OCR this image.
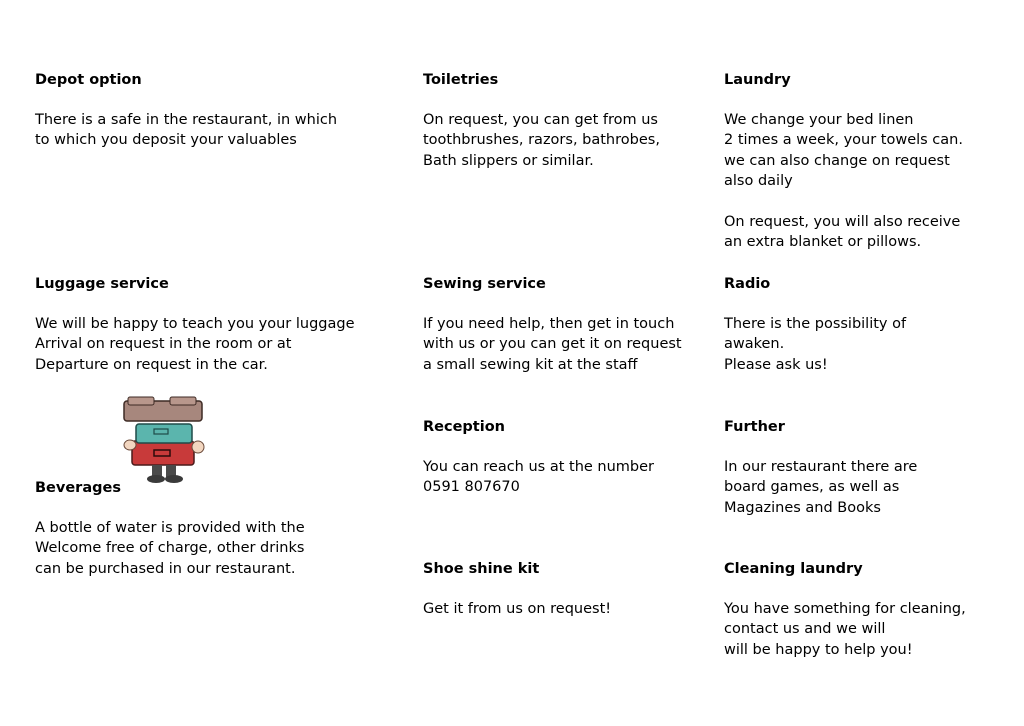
Depot option
There is a safe in the restaurant, in which
to which you deposit your valuables
Luggage service
We will be happy to teach you your luggage
Arrival on request in the room or at
Departure on request in the car.
Beverages
A bottle of water is provided with the
Welcome free of charge, other drinks
can be purchased in our restaurant.
Toiletries
On request, you can get from us
toothbrushes, razors, bathrobes,
Bath slippers or similar.
Sewing service
If you need help, then get in touch
with us or you can get it on request
a small sewing kit at the staff
Reception
You can reach us at the number
0591 807670
Shoe shine kit
Get it from us on request!
Laundry
We change your bed linen
2 times a week, your towels can.
we can also change on request
also daily
On request, you will also receive
an extra blanket or pillows.
Radio
There is the possibility of
awaken.
Please ask us!
Further
In our restaurant there are
board games, as well as
Magazines and Books
Cleaning laundry
You have something for cleaning,
contact us and we will
will be happy to help you!
